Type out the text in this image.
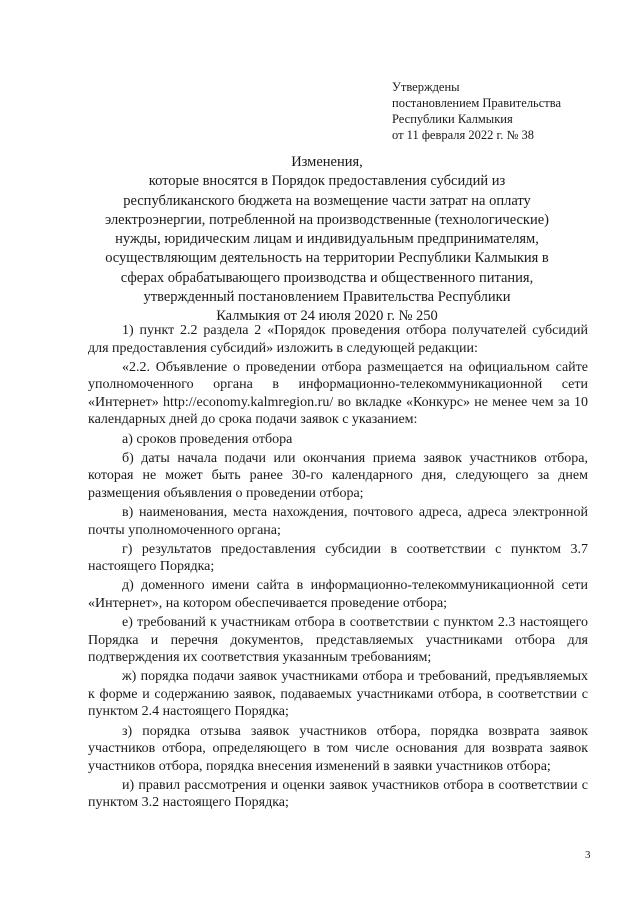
Утверждены
постановлением Правительства
Республики Калмыкия
от 11 февраля 2022 г. № 38
Изменения,
которые вносятся в Порядок предоставления субсидий из
республиканского бюджета на возмещение части затрат на оплату
электроэнергии, потребленной на производственные (технологические)
нужды, юридическим лицам и индивидуальным предпринимателям,
осуществляющим деятельность на территории Республики Калмыкия в
сферах обрабатывающего производства и общественного питания,
утвержденный постановлением Правительства Республики
Калмыкия от 24 июля 2020 г. № 250
1) пункт 2.2 раздела 2 «Порядок проведения отбора получателей субсидий для предоставления субсидий» изложить в следующей редакции:
«2.2. Объявление о проведении отбора размещается на официальном сайте уполномоченного органа в информационно-телекоммуникационной сети «Интернет» http://economy.kalmregion.ru/ во вкладке «Конкурс» не менее чем за 10 календарных дней до срока подачи заявок с указанием:
а) сроков проведения отбора
б) даты начала подачи или окончания приема заявок участников отбора, которая не может быть ранее 30-го календарного дня, следующего за днем размещения объявления о проведении отбора;
в) наименования, места нахождения, почтового адреса, адреса электронной почты уполномоченного органа;
г) результатов предоставления субсидии в соответствии с пунктом 3.7 настоящего Порядка;
д) доменного имени сайта в информационно-телекоммуникационной сети «Интернет», на котором обеспечивается проведение отбора;
е) требований к участникам отбора в соответствии с пунктом 2.3 настоящего Порядка и перечня документов, представляемых участниками отбора для подтверждения их соответствия указанным требованиям;
ж) порядка подачи заявок участниками отбора и требований, предъявляемых к форме и содержанию заявок, подаваемых участниками отбора, в соответствии с пунктом 2.4 настоящего Порядка;
з) порядка отзыва заявок участников отбора, порядка возврата заявок участников отбора, определяющего в том числе основания для возврата заявок участников отбора, порядка внесения изменений в заявки участников отбора;
и) правил рассмотрения и оценки заявок участников отбора в соответствии с пунктом 3.2 настоящего Порядка;
3
